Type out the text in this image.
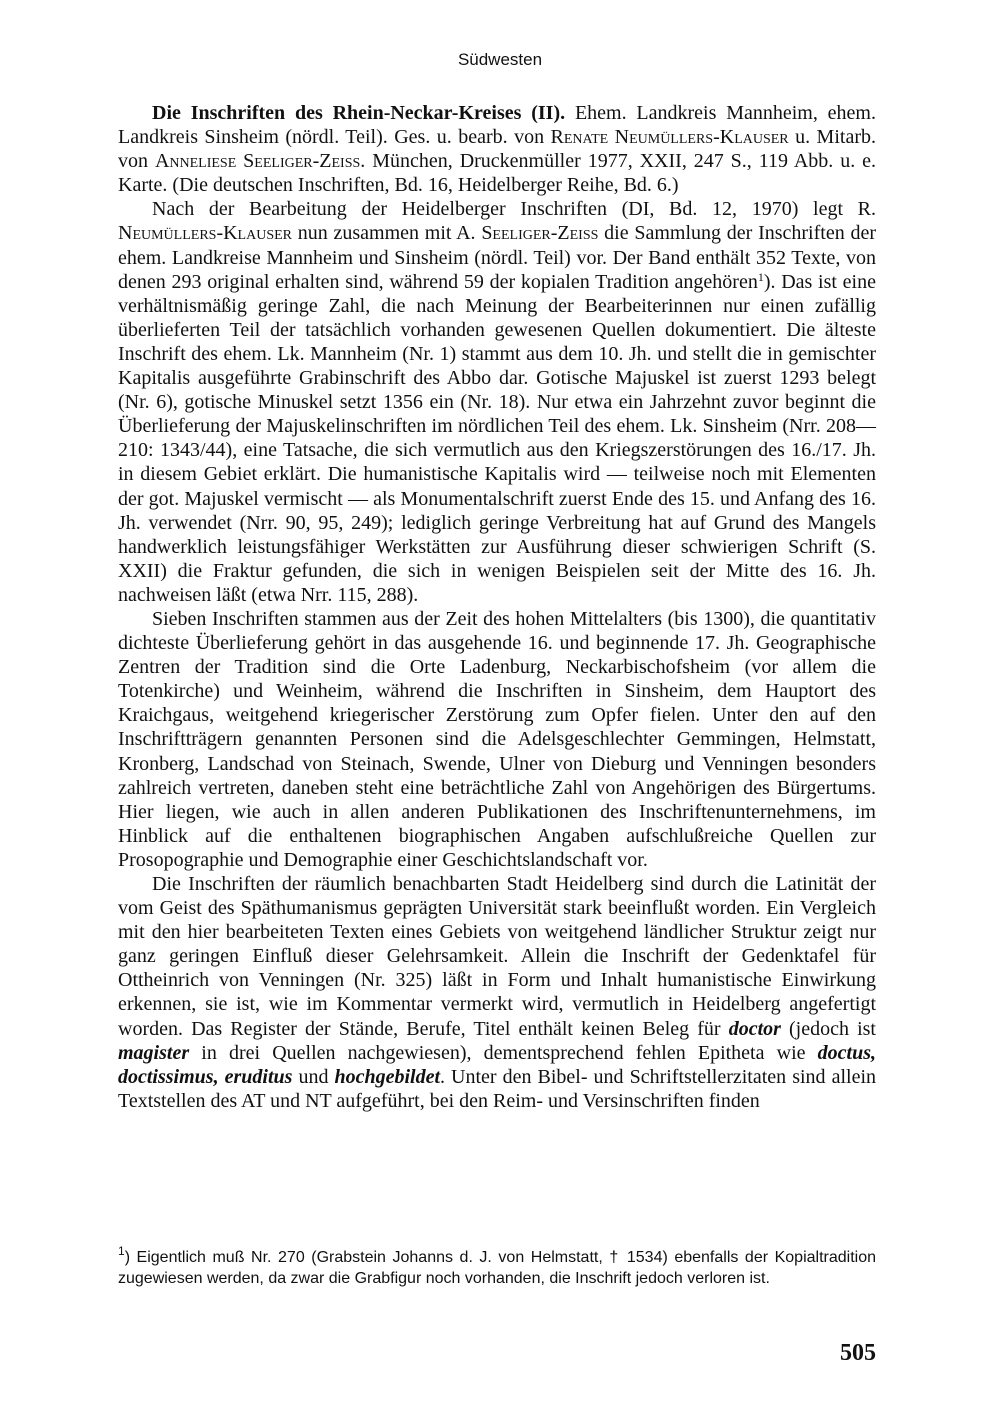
Südwesten

Die Inschriften des Rhein-Neckar-Kreises (II). Ehem. Landkreis Mannheim, ehem. Landkreis Sinsheim (nördl. Teil). Ges. u. bearb. von Renate Neumüllers-Klauser u. Mitarb. von Anneliese Seeliger-Zeiss. München, Druckenmüller 1977, XXII, 247 S., 119 Abb. u. e. Karte. (Die deutschen Inschriften, Bd. 16, Heidelberger Reihe, Bd. 6.)

Nach der Bearbeitung der Heidelberger Inschriften (DI, Bd. 12, 1970) legt R. Neumüllers-Klauser nun zusammen mit A. Seeliger-Zeiss die Sammlung der Inschriften der ehem. Landkreise Mannheim und Sinsheim (nördl. Teil) vor. Der Band enthält 352 Texte, von denen 293 original erhalten sind, während 59 der kopialen Tradition angehören$^1$). Das ist eine verhältnismäßig geringe Zahl, die nach Meinung der Bearbeiterinnen nur einen zufällig überlieferten Teil der tatsächlich vorhanden gewesenen Quellen dokumentiert. Die älteste Inschrift des ehem. Lk. Mannheim (Nr. 1) stammt aus dem 10. Jh. und stellt die in gemischter Kapitalis ausgeführte Grabinschrift des Abbo dar. Gotische Majuskel ist zuerst 1293 belegt (Nr. 6), gotische Minuskel setzt 1356 ein (Nr. 18). Nur etwa ein Jahrzehnt zuvor beginnt die Überlieferung der Majuskelinschriften im nördlichen Teil des ehem. Lk. Sinsheim (Nrr. 208—210: 1343/44), eine Tatsache, die sich vermutlich aus den Kriegszerstörungen des 16./17. Jh. in diesem Gebiet erklärt. Die humanistische Kapitalis wird — teilweise noch mit Elementen der got. Majuskel vermischt — als Monumentalschrift zuerst Ende des 15. und Anfang des 16. Jh. verwendet (Nrr. 90, 95, 249); lediglich geringe Verbreitung hat auf Grund des Mangels handwerklich leistungsfähiger Werkstätten zur Ausführung dieser schwierigen Schrift (S. XXII) die Fraktur gefunden, die sich in wenigen Beispielen seit der Mitte des 16. Jh. nachweisen läßt (etwa Nrr. 115, 288).

Sieben Inschriften stammen aus der Zeit des hohen Mittelalters (bis 1300), die quantitativ dichteste Überlieferung gehört in das ausgehende 16. und beginnende 17. Jh. Geographische Zentren der Tradition sind die Orte Ladenburg, Neckarbischofsheim (vor allem die Totenkirche) und Weinheim, während die Inschriften in Sinsheim, dem Hauptort des Kraichgaus, weitgehend kriegerischer Zerstörung zum Opfer fielen. Unter den auf den Inschriftträgern genannten Personen sind die Adelsgeschlechter Gemmingen, Helmstatt, Kronberg, Landschad von Steinach, Swende, Ulner von Dieburg und Venningen besonders zahlreich vertreten, daneben steht eine beträchtliche Zahl von Angehörigen des Bürgertums. Hier liegen, wie auch in allen anderen Publikationen des Inschriftenunternehmens, im Hinblick auf die enthaltenen biographischen Angaben aufschlußreiche Quellen zur Prosopographie und Demographie einer Geschichtslandschaft vor.

Die Inschriften der räumlich benachbarten Stadt Heidelberg sind durch die Latinität der vom Geist des Späthumanismus geprägten Universität stark beeinflußt worden. Ein Vergleich mit den hier bearbeiteten Texten eines Gebiets von weitgehend ländlicher Struktur zeigt nur ganz geringen Einfluß dieser Gelehrsamkeit. Allein die Inschrift der Gedenktafel für Ottheinrich von Venningen (Nr. 325) läßt in Form und Inhalt humanistische Einwirkung erkennen, sie ist, wie im Kommentar vermerkt wird, vermutlich in Heidelberg angefertigt worden. Das Register der Stände, Berufe, Titel enthält keinen Beleg für doctor (jedoch ist magister in drei Quellen nachgewiesen), dementsprechend fehlen Epitheta wie doctus, doctissimus, eruditus und hochgebildet. Unter den Bibel- und Schriftstellerzitaten sind allein Textstellen des AT und NT aufgeführt, bei den Reim- und Versinschriften finden

$^1$) Eigentlich muß Nr. 270 (Grabstein Johanns d. J. von Helmstatt, † 1534) ebenfalls der Kopialtradition zugewiesen werden, da zwar die Grabfigur noch vorhanden, die Inschrift jedoch verloren ist.
505
